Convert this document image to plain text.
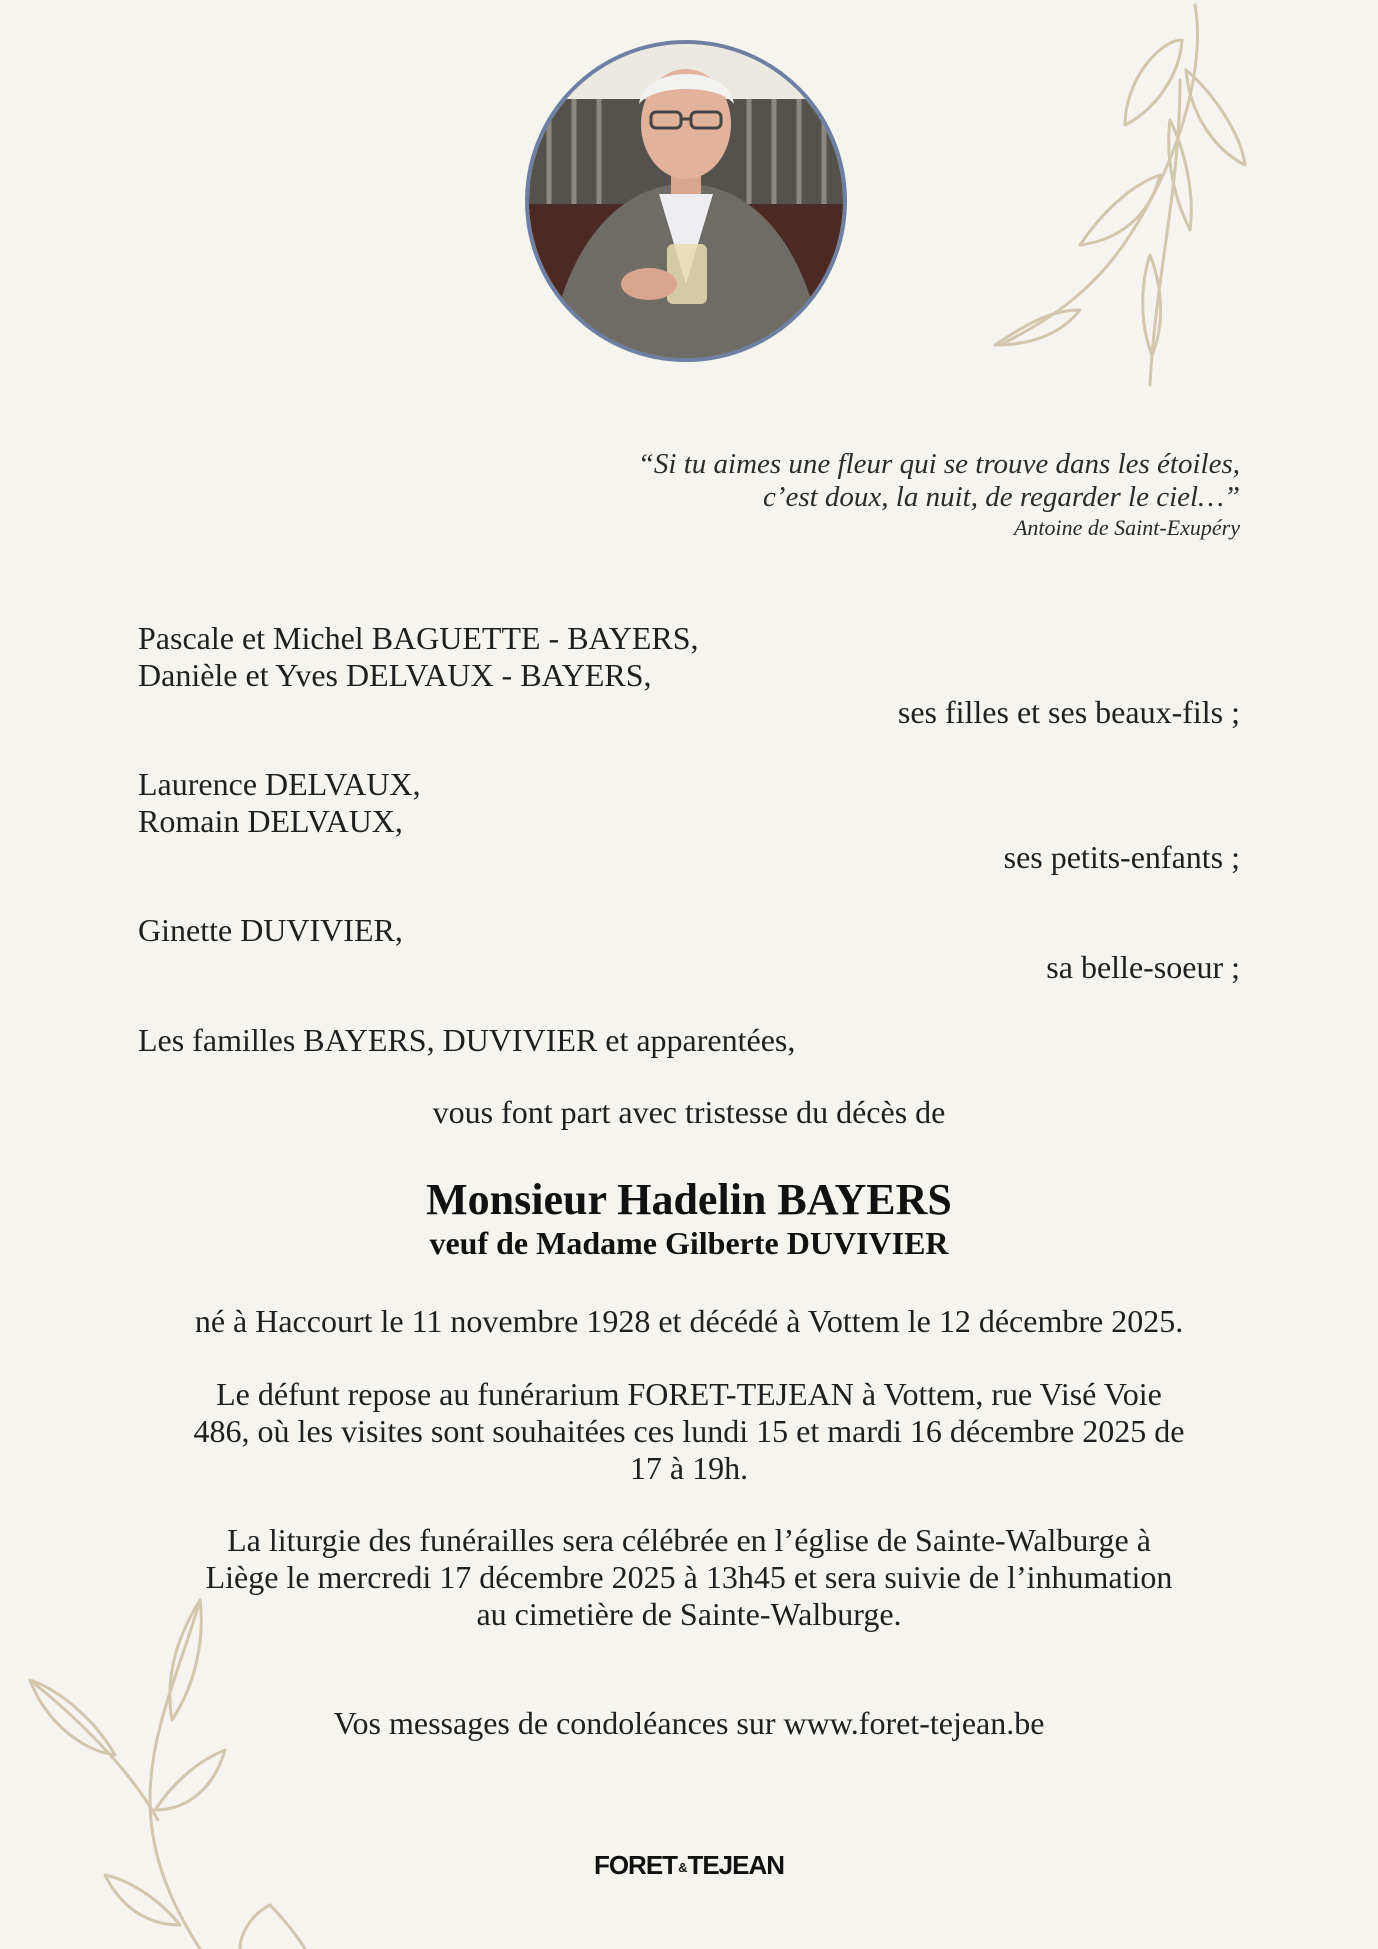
“Si tu aimes une fleur qui se trouve dans les étoiles,
c’est doux, la nuit, de regarder le ciel…”
Antoine de Saint-Exupéry
Pascale et Michel BAGUETTE - BAYERS,
Danièle et Yves DELVAUX - BAYERS,
ses filles et ses beaux-fils ;
Laurence DELVAUX,
Romain DELVAUX,
ses petits-enfants ;
Ginette DUVIVIER,
sa belle-soeur ;
Les familles BAYERS, DUVIVIER et apparentées,
vous font part avec tristesse du décès de
Monsieur Hadelin BAYERS
veuf de Madame Gilberte DUVIVIER
né à Haccourt le 11 novembre 1928 et décédé à Vottem le 12 décembre 2025.
Le défunt repose au funérarium FORET-TEJEAN à Vottem, rue Visé Voie
486, où les visites sont souhaitées ces lundi 15 et mardi 16 décembre 2025 de
17 à 19h.
La liturgie des funérailles sera célébrée en l’église de Sainte-Walburge à
Liège le mercredi 17 décembre 2025 à 13h45 et sera suivie de l’inhumation
au cimetière de Sainte-Walburge.
Vos messages de condoléances sur www.foret-tejean.be
FORET&TEJEAN
